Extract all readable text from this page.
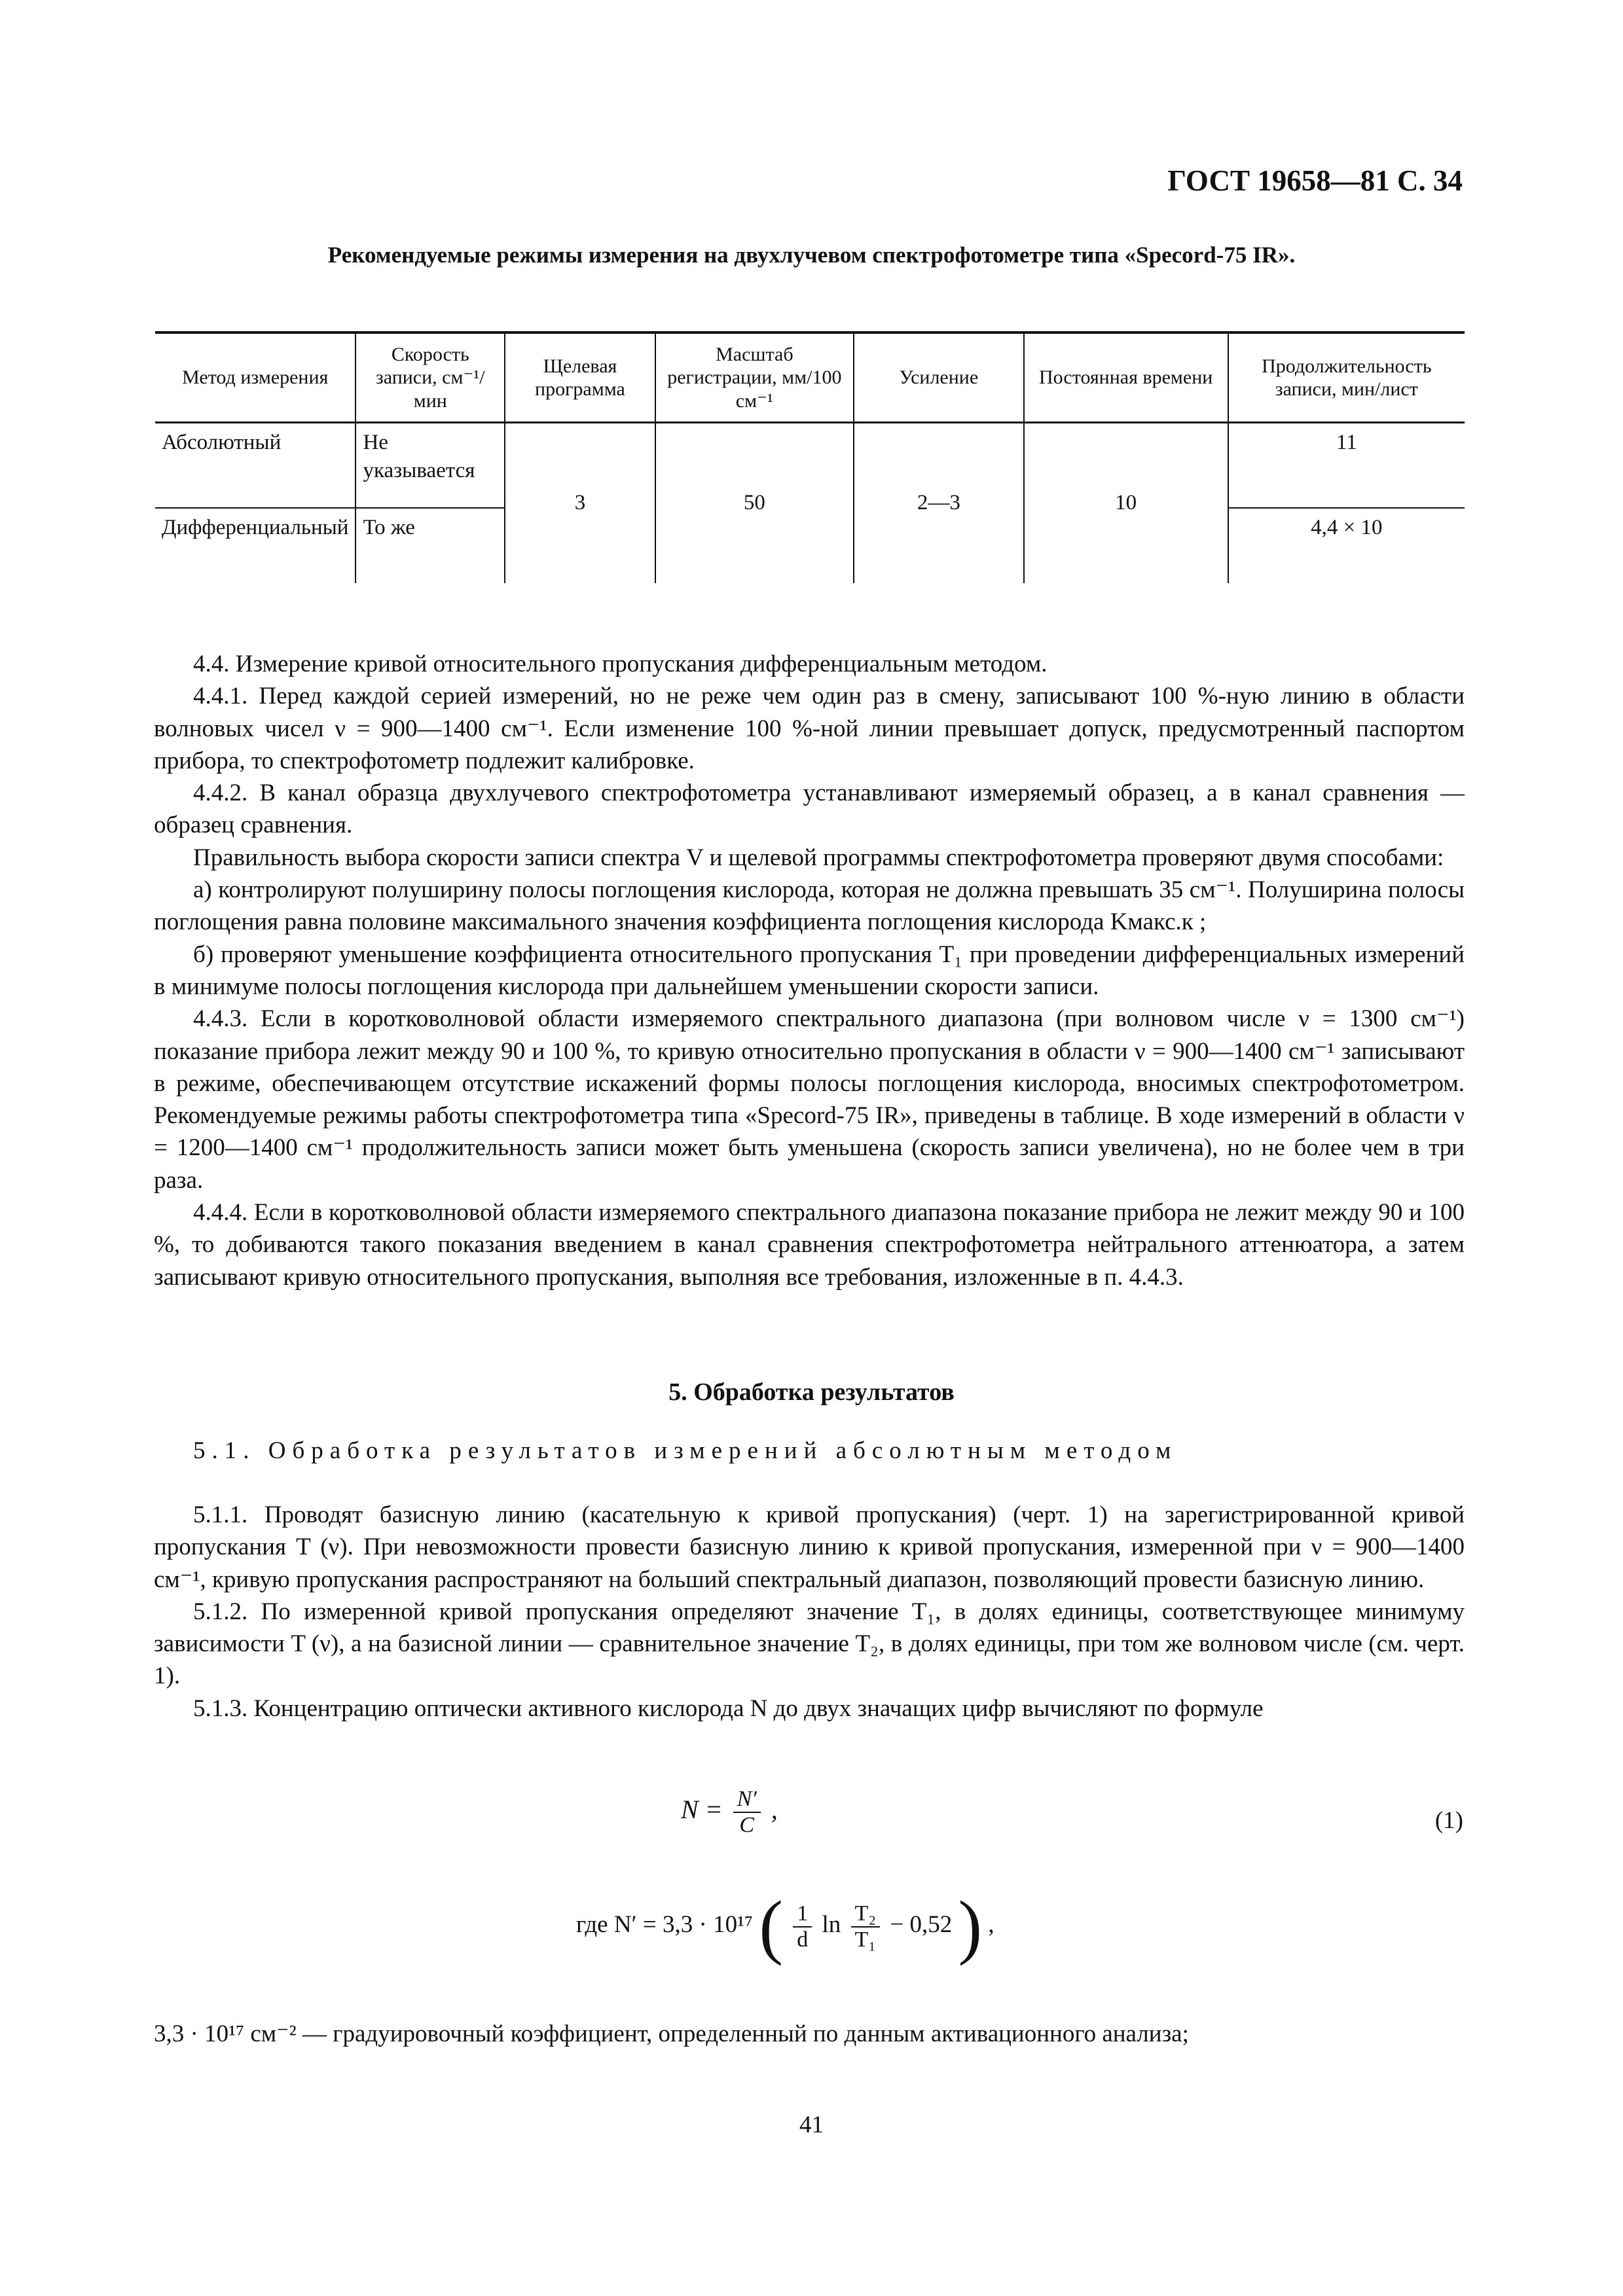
ГОСТ 19658—81 С. 34
Рекомендуемые режимы измерения на двухлучевом спектрофотометре типа «Specord-75 IR».
Метод измерения	Скорость записи, см⁻¹/мин	Щелевая программа	Масштаб регистрации, мм/100 см⁻¹	Усиление	Постоянная времени	Продолжительность записи, мин/лист
Абсолютный	Не указывается	3	50	2—3	10	11
Дифференциальный	То же					4,4 × 10

4.4. Измерение кривой относительного пропускания дифференциальным методом.

4.4.1. Перед каждой серией измерений, но не реже чем один раз в смену, записывают 100 %-ную линию в области волновых чисел ν = 900—1400 см⁻¹. Если изменение 100 %-ной линии превышает допуск, предусмотренный паспортом прибора, то спектрофотометр подлежит калибровке.

4.4.2. В канал образца двухлучевого спектрофотометра устанавливают измеряемый образец, а в канал сравнения — образец сравнения.

Правильность выбора скорости записи спектра V и щелевой программы спектрофотометра проверяют двумя способами:

а) контролируют полуширину полосы поглощения кислорода, которая не должна превышать 35 см⁻¹. Полуширина полосы поглощения равна половине максимального значения коэффициента поглощения кислорода Kмакс.к ;

б) проверяют уменьшение коэффициента относительного пропускания T₁ при проведении дифференциальных измерений в минимуме полосы поглощения кислорода при дальнейшем уменьшении скорости записи.

4.4.3. Если в коротковолновой области измеряемого спектрального диапазона (при волновом числе ν = 1300 см⁻¹) показание прибора лежит между 90 и 100 %, то кривую относительно пропускания в области ν = 900—1400 см⁻¹ записывают в режиме, обеспечивающем отсутствие искажений формы полосы поглощения кислорода, вносимых спектрофотометром. Рекомендуемые режимы работы спектрофотометра типа «Specord-75 IR», приведены в таблице. В ходе измерений в области ν = 1200—1400 см⁻¹ продолжительность записи может быть уменьшена (скорость записи увеличена), но не более чем в три раза.

4.4.4. Если в коротковолновой области измеряемого спектрального диапазона показание прибора не лежит между 90 и 100 %, то добиваются такого показания введением в канал сравнения спектрофотометра нейтрального аттенюатора, а затем записывают кривую относительного пропускания, выполняя все требования, изложенные в п. 4.4.3.

5. Обработка результатов
5.1. Обработка результатов измерений абсолютным методом

5.1.1. Проводят базисную линию (касательную к кривой пропускания) (черт. 1) на зарегистрированной кривой пропускания T (ν). При невозможности провести базисную линию к кривой пропускания, измеренной при ν = 900—1400 см⁻¹, кривую пропускания распространяют на больший спектральный диапазон, позволяющий провести базисную линию.

5.1.2. По измеренной кривой пропускания определяют значение T₁, в долях единицы, соответствующее минимуму зависимости T (ν), а на базисной линии — сравнительное значение T₂, в долях единицы, при том же волновом числе (см. черт. 1).

5.1.3. Концентрацию оптически активного кислорода N до двух значащих цифр вычисляют по формуле

$N = \frac{N'}{C}$ ,	(1)
где N′ = 3,3 · 10¹⁷ ( $\frac{1}{d}$ $\ln \frac{\text{T₂}}{\text{T₁}} - 0,52$ ) ,
3,3 · 10¹⁷ см⁻² — градуировочный коэффициент, определенный по данным активационного анализа;
41
